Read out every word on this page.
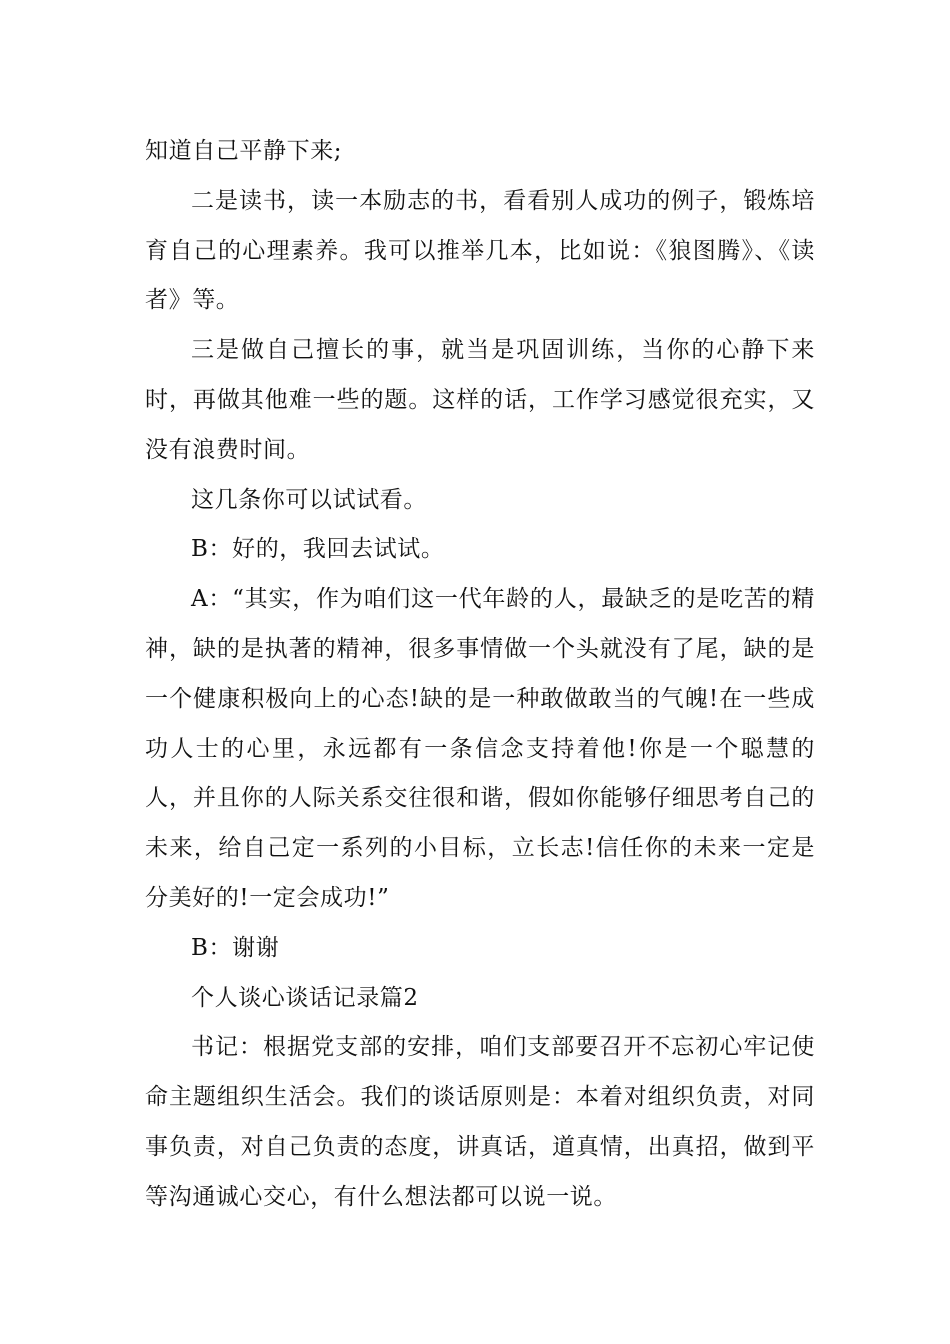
知道自己平静下来;

二是读书，读一本励志的书，看看别人成功的例子，锻炼培育自己的心理素养。我可以推举几本，比如说：《狼图腾》、《读者》等。

三是做自己擅长的事，就当是巩固训练，当你的心静下来时，再做其他难一些的题。这样的话，工作学习感觉很充实，又没有浪费时间。

这几条你可以试试看。

B：好的，我回去试试。

A：“其实，作为咱们这一代年龄的人，最缺乏的是吃苦的精神，缺的是执著的精神，很多事情做一个头就没有了尾，缺的是一个健康积极向上的心态!缺的是一种敢做敢当的气魄!在一些成功人士的心里，永远都有一条信念支持着他!你是一个聪慧的人，并且你的人际关系交往很和谐，假如你能够仔细思考自己的未来，给自己定一系列的小目标，立长志!信任你的未来一定是分美好的!一定会成功!”

B：谢谢

个人谈心谈话记录篇2

书记：根据党支部的安排，咱们支部要召开不忘初心牢记使命主题组织生活会。我们的谈话原则是：本着对组织负责，对同事负责，对自己负责的态度，讲真话，道真情，出真招，做到平等沟通诚心交心，有什么想法都可以说一说。
